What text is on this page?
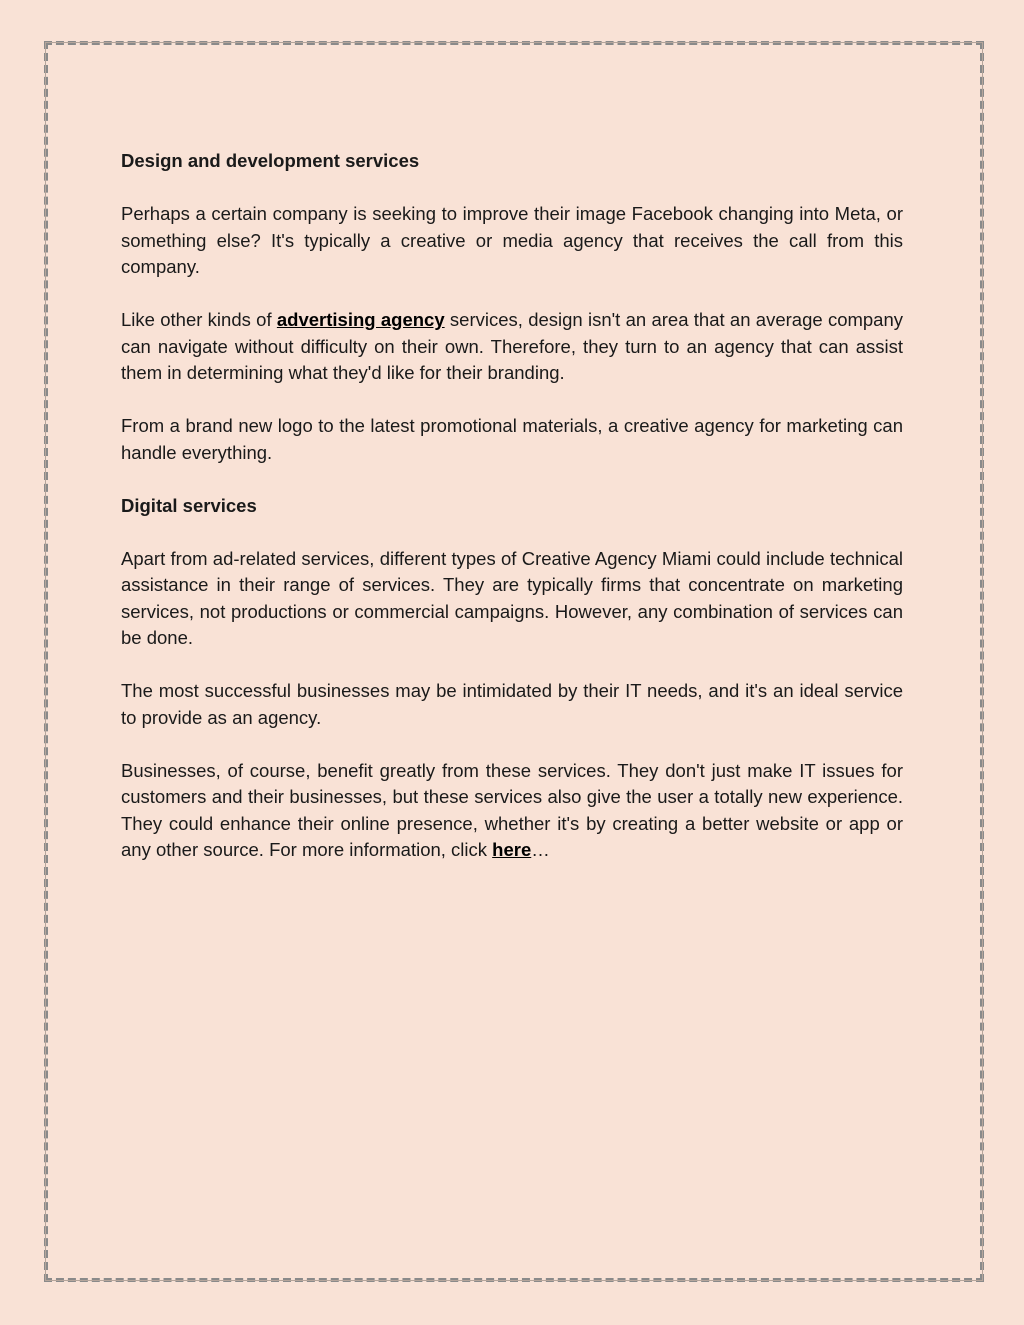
Design and development services

Perhaps a certain company is seeking to improve their image Facebook changing into Meta, or something else? It's typically a creative or media agency that receives the call from this company.

Like other kinds of advertising agency services, design isn't an area that an average company can navigate without difficulty on their own. Therefore, they turn to an agency that can assist them in determining what they'd like for their branding.

From a brand new logo to the latest promotional materials, a creative agency for marketing can handle everything.

Digital services

Apart from ad-related services, different types of Creative Agency Miami could include technical assistance in their range of services. They are typically firms that concentrate on marketing services, not productions or commercial campaigns. However, any combination of services can be done.

The most successful businesses may be intimidated by their IT needs, and it's an ideal service to provide as an agency.

Businesses, of course, benefit greatly from these services. They don't just make IT issues for customers and their businesses, but these services also give the user a totally new experience. They could enhance their online presence, whether it's by creating a better website or app or any other source. For more information, click here…
